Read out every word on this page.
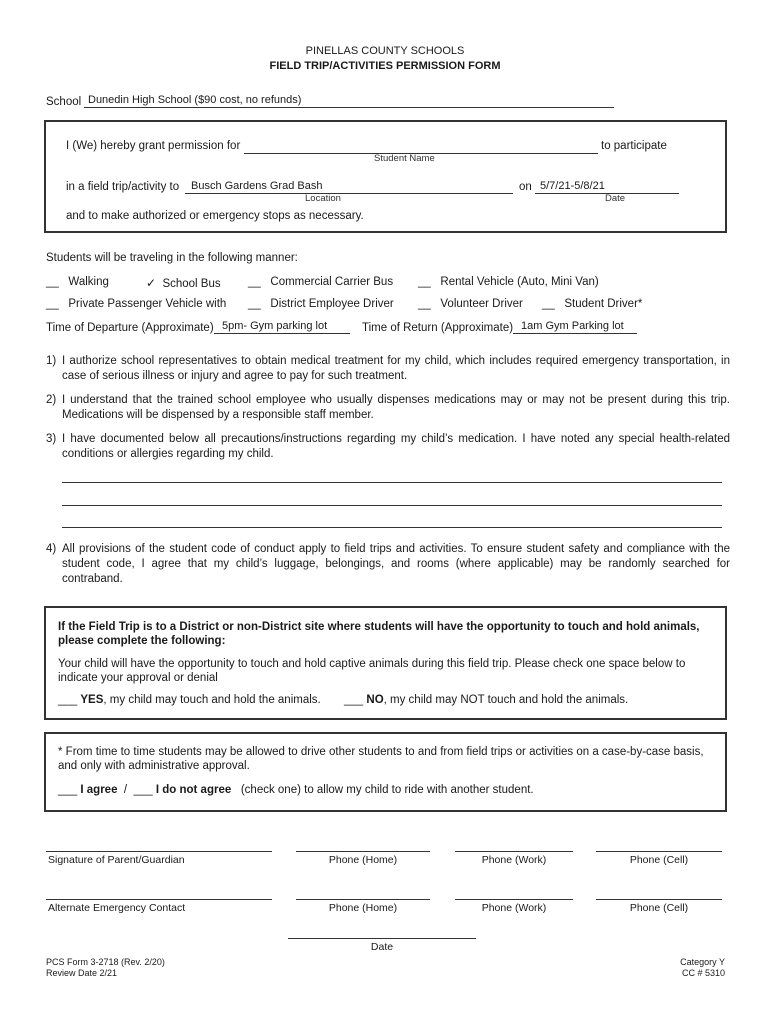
PINELLAS COUNTY SCHOOLS
FIELD TRIP/ACTIVITIES PERMISSION FORM
School Dunedin High School ($90 cost, no refunds)
I (We) hereby grant permission for	to participate
Student Name
in a field trip/activity to Busch Gardens Grad Bash
Location
on 5/7/21-5/8/21
Date
and to make authorized or emergency stops as necessary.
Students will be traveling in the following manner:
__ Walking	✓ School Bus __ Commercial Carrier Bus __ Rental Vehicle (Auto, Mini Van)
__ Private Passenger Vehicle with __ District Employee Driver __ Volunteer Driver __ Student Driver*
Time of Departure (Approximate) 5pm- Gym parking lot	Time of Return (Approximate) 1am Gym Parking lot
1) I authorize school representatives to obtain medical treatment for my child, which includes required emergency transportation, in case of serious illness or injury and agree to pay for such treatment.
2) I understand that the trained school employee who usually dispenses medications may or may not be present during this trip. Medications will be dispensed by a responsible staff member.
3) I have documented below all precautions/instructions regarding my child’s medication. I have noted any special health-related conditions or allergies regarding my child.
4) All provisions of the student code of conduct apply to field trips and activities. To ensure student safety and compliance with the student code, I agree that my child’s luggage, belongings, and rooms (where applicable) may be randomly searched for contraband.
If the Field Trip is to a District or non-District site where students will have the opportunity to touch and hold animals, please complete the following:
Your child will have the opportunity to touch and hold captive animals during this field trip. Please check one space below to indicate your approval or denial
___ YES, my child may touch and hold the animals. ___ NO, my child may NOT touch and hold the animals.
* From time to time students may be allowed to drive other students to and from field trips or activities on a case-by-case basis, and only with administrative approval.
___ I agree / ___ I do not agree (check one) to allow my child to ride with another student.
Signature of Parent/Guardian	Phone (Home)	Phone (Work)	Phone (Cell)
Alternate Emergency Contact	Phone (Home)	Phone (Work)	Phone (Cell)
Date
PCS Form 3-2718 (Rev. 2/20)
Review Date 2/21
Category Y
CC # 5310
